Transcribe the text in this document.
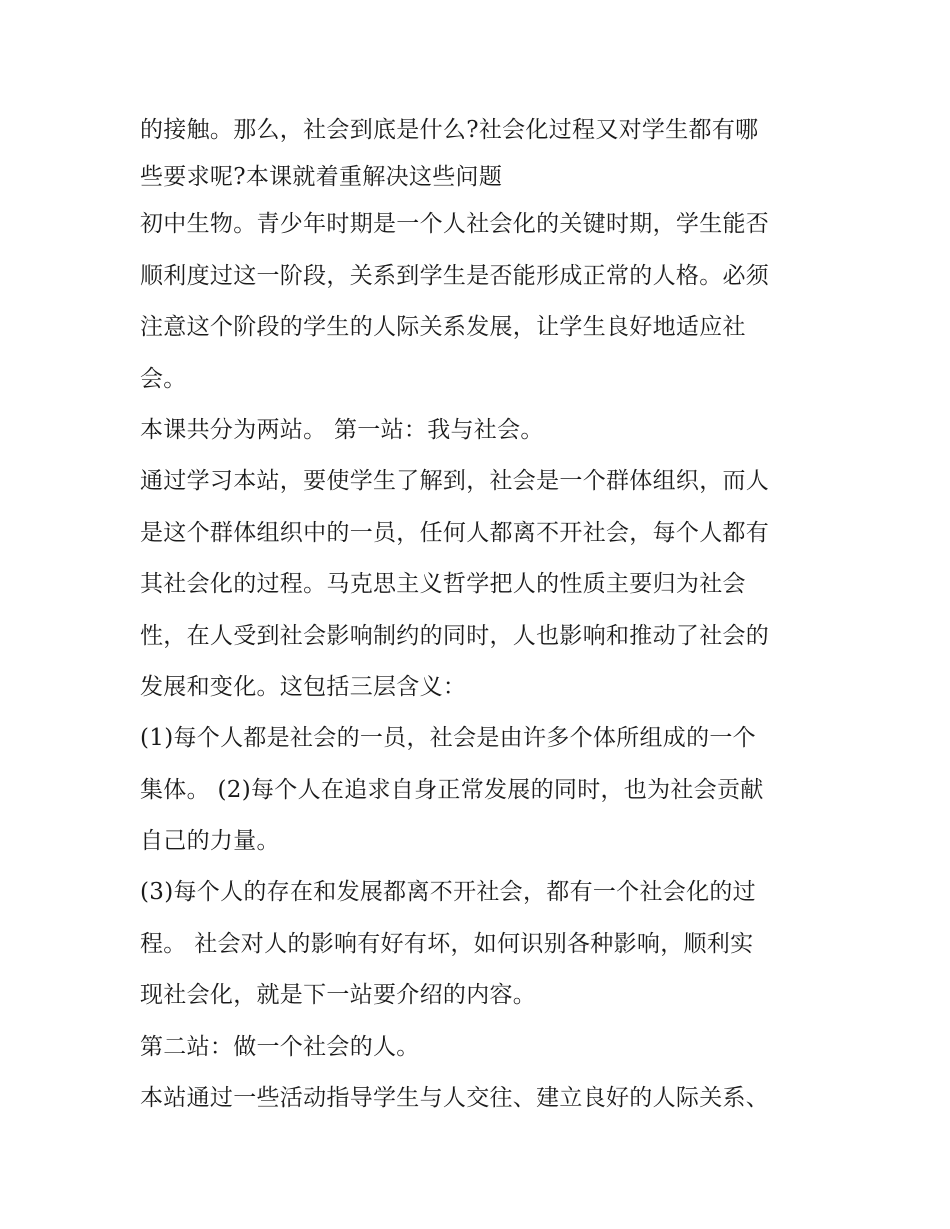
的接触。那么，社会到底是什么?社会化过程又对学生都有哪
些要求呢?本课就着重解决这些问题
初中生物。青少年时期是一个人社会化的关键时期，学生能否
顺利度过这一阶段，关系到学生是否能形成正常的人格。必须
注意这个阶段的学生的人际关系发展，让学生良好地适应社
会。
本课共分为两站。 第一站：我与社会。
通过学习本站，要使学生了解到，社会是一个群体组织，而人
是这个群体组织中的一员，任何人都离不开社会，每个人都有
其社会化的过程。马克思主义哲学把人的性质主要归为社会
性，在人受到社会影响制约的同时，人也影响和推动了社会的
发展和变化。这包括三层含义：
(1)每个人都是社会的一员，社会是由许多个体所组成的一个
集体。 (2)每个人在追求自身正常发展的同时，也为社会贡献
自己的力量。
(3)每个人的存在和发展都离不开社会，都有一个社会化的过
程。 社会对人的影响有好有坏，如何识别各种影响，顺利实
现社会化，就是下一站要介绍的内容。
第二站：做一个社会的人。
本站通过一些活动指导学生与人交往、建立良好的人际关系、
